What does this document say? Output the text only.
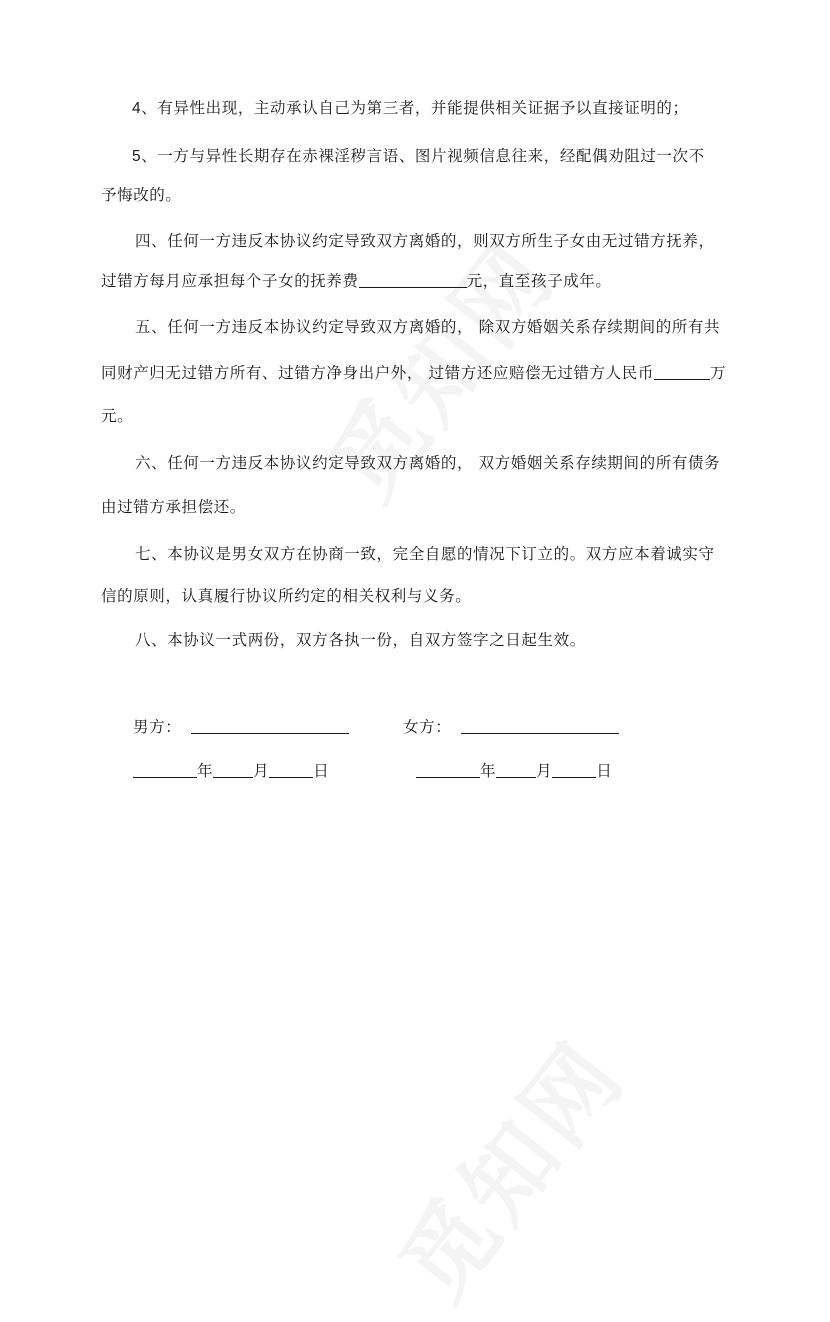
4、有异性出现，主动承认自己为第三者，并能提供相关证据予以直接证明的；
5、一方与异性长期存在赤裸淫秽言语、图片视频信息往来，经配偶劝阻过一次不
予悔改的。
四、任何一方违反本协议约定导致双方离婚的，则双方所生子女由无过错方抚养，
过错方每月应承担每个子女的抚养费	元，直至孩子成年。
五、任何一方违反本协议约定导致双方离婚的， 除双方婚姻关系存续期间的所有共
同财产归无过错方所有、过错方净身出户外， 过错方还应赔偿无过错方人民币	万
元。
六、任何一方违反本协议约定导致双方离婚的， 双方婚姻关系存续期间的所有债务
由过错方承担偿还。
七、本协议是男女双方在协商一致，完全自愿的情况下订立的。双方应本着诚实守
信的原则，认真履行协议所约定的相关权利与义务。
八、本协议一式两份，双方各执一份，自双方签字之日起生效。
男方：	女方：
年	月	日	年	月	日
